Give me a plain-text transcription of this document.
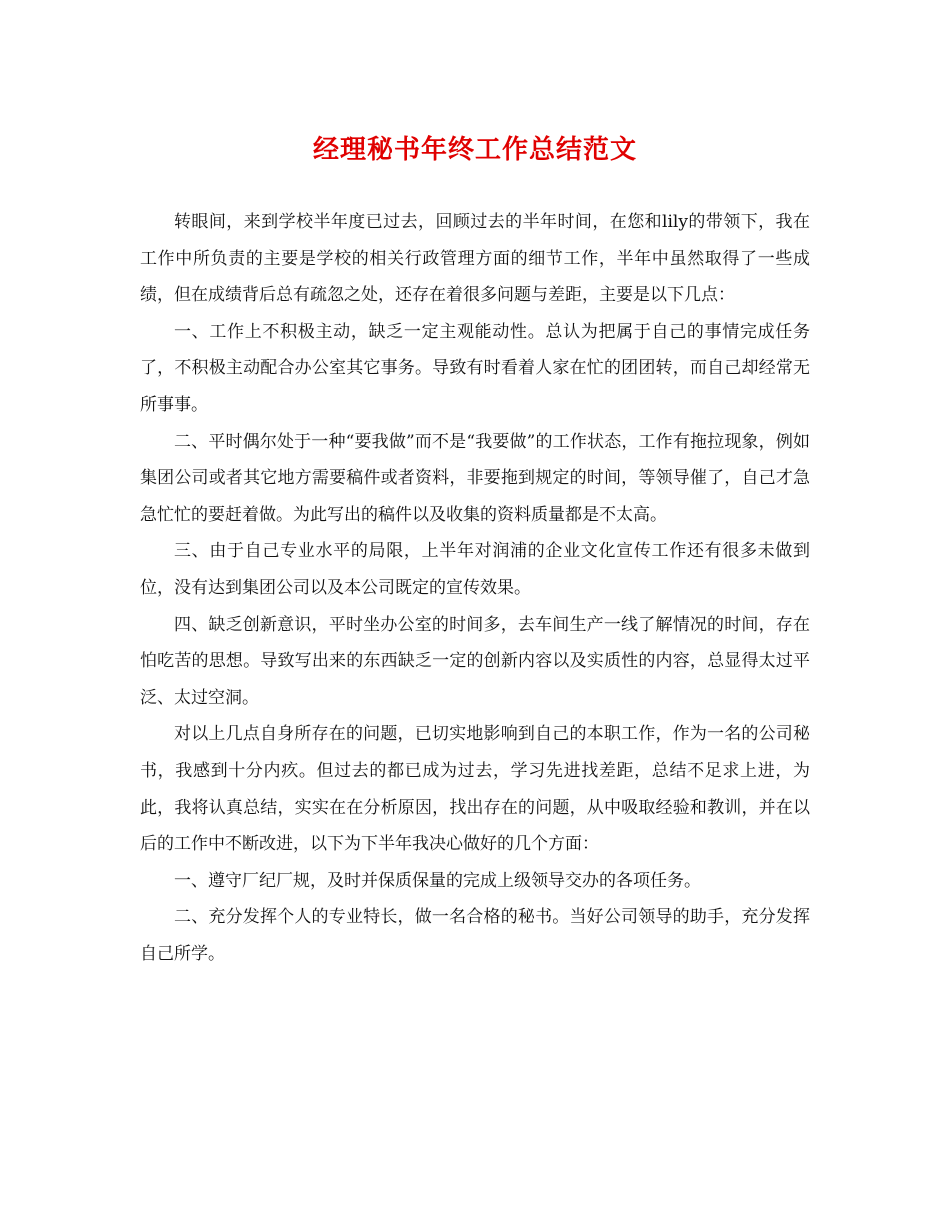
经理秘书年终工作总结范文

转眼间，来到学校半年度已过去，回顾过去的半年时间，在您和lily的带领下，我在工作中所负责的主要是学校的相关行政管理方面的细节工作，半年中虽然取得了一些成绩，但在成绩背后总有疏忽之处，还存在着很多问题与差距，主要是以下几点：

一、工作上不积极主动，缺乏一定主观能动性。总认为把属于自己的事情完成任务了，不积极主动配合办公室其它事务。导致有时看着人家在忙的团团转，而自己却经常无所事事。

二、平时偶尔处于一种“要我做”而不是“我要做”的工作状态，工作有拖拉现象，例如集团公司或者其它地方需要稿件或者资料，非要拖到规定的时间，等领导催了，自己才急急忙忙的要赶着做。为此写出的稿件以及收集的资料质量都是不太高。

三、由于自己专业水平的局限，上半年对润浦的企业文化宣传工作还有很多未做到位，没有达到集团公司以及本公司既定的宣传效果。

四、缺乏创新意识，平时坐办公室的时间多，去车间生产一线了解情况的时间，存在怕吃苦的思想。导致写出来的东西缺乏一定的创新内容以及实质性的内容，总显得太过平泛、太过空洞。

对以上几点自身所存在的问题，已切实地影响到自己的本职工作，作为一名的公司秘书，我感到十分内疚。但过去的都已成为过去，学习先进找差距，总结不足求上进，为此，我将认真总结，实实在在分析原因，找出存在的问题，从中吸取经验和教训，并在以后的工作中不断改进，以下为下半年我决心做好的几个方面：

一、遵守厂纪厂规，及时并保质保量的完成上级领导交办的各项任务。

二、充分发挥个人的专业特长，做一名合格的秘书。当好公司领导的助手，充分发挥自己所学。
